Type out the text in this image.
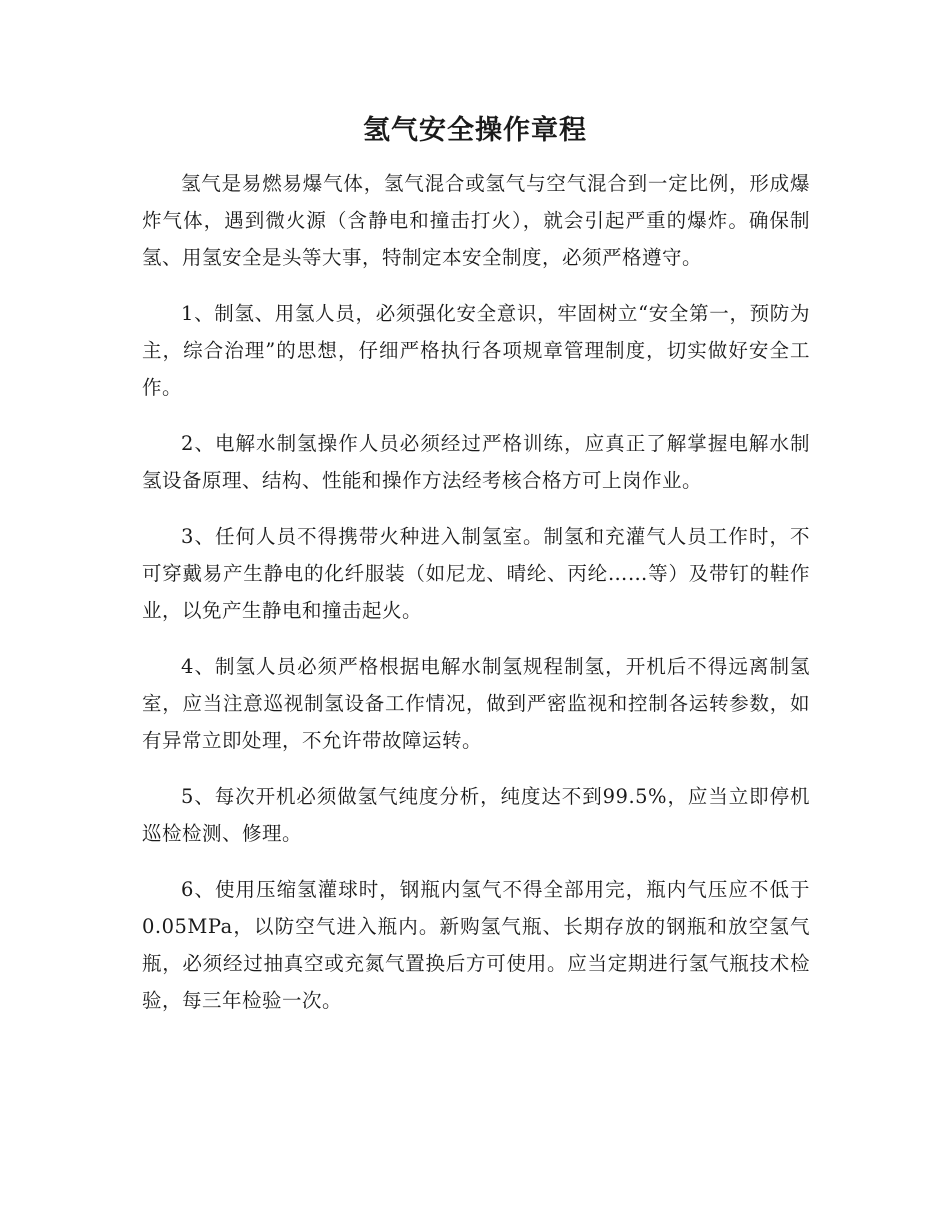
氢气安全操作章程

氢气是易燃易爆气体，氢气混合或氢气与空气混合到一定比例，形成爆炸气体，遇到微火源（含静电和撞击打火），就会引起严重的爆炸。确保制氢、用氢安全是头等大事，特制定本安全制度，必须严格遵守。

1、制氢、用氢人员，必须强化安全意识，牢固树立“安全第一，预防为主，综合治理”的思想，仔细严格执行各项规章管理制度，切实做好安全工作。

2、电解水制氢操作人员必须经过严格训练，应真正了解掌握电解水制氢设备原理、结构、性能和操作方法经考核合格方可上岗作业。

3、任何人员不得携带火种进入制氢室。制氢和充灌气人员工作时，不可穿戴易产生静电的化纤服装（如尼龙、晴纶、丙纶……等）及带钉的鞋作业，以免产生静电和撞击起火。

4、制氢人员必须严格根据电解水制氢规程制氢，开机后不得远离制氢室，应当注意巡视制氢设备工作情况，做到严密监视和控制各运转参数，如有异常立即处理，不允许带故障运转。

5、每次开机必须做氢气纯度分析，纯度达不到99.5%，应当立即停机巡检检测、修理。

6、使用压缩氢灌球时，钢瓶内氢气不得全部用完，瓶内气压应不低于0.05MPa，以防空气进入瓶内。新购氢气瓶、长期存放的钢瓶和放空氢气瓶，必须经过抽真空或充氮气置换后方可使用。应当定期进行氢气瓶技术检验，每三年检验一次。
